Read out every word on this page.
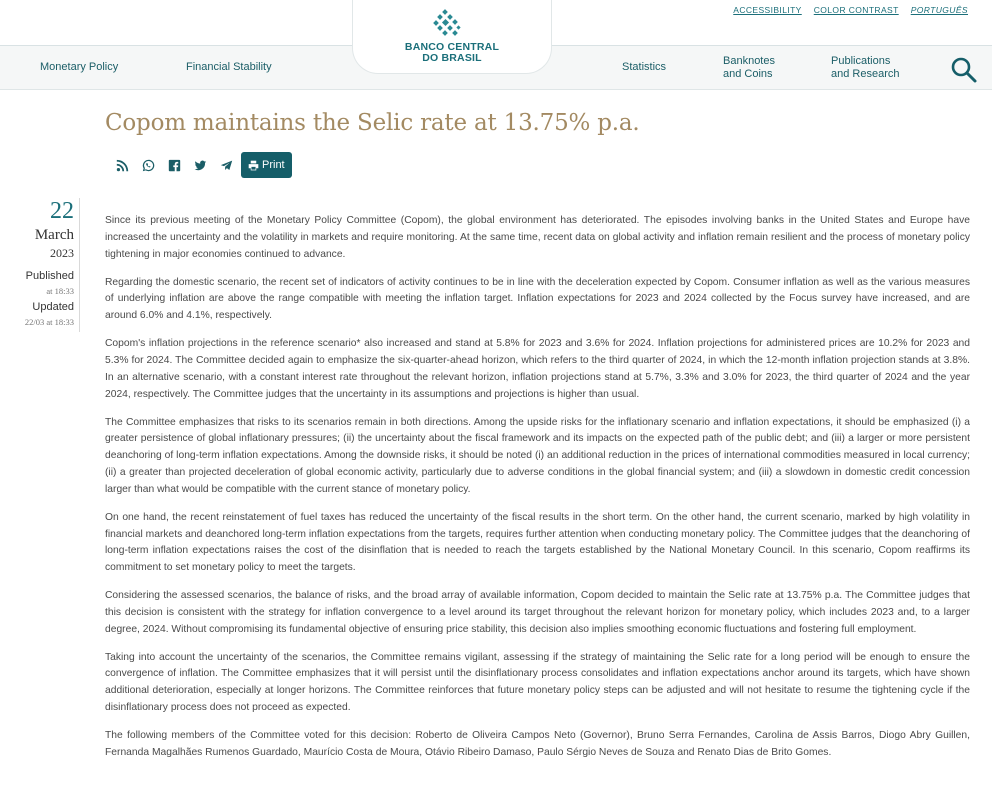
ACCESSIBILITY COLOR CONTRAST PORTUGUÊS
Monetary Policy	Financial Stability	Statistics	Banknotes
and Coins
Publications
and Research
BANCO CENTRAL
DO BRASIL
Copom maintains the Selic rate at 13.75% p.a.
Print
22
March
2023
Published
at 18:33
Updated
22/03 at 18:33

Since its previous meeting of the Monetary Policy Committee (Copom), the global environment has deteriorated. The episodes involving banks in the United States and Europe have increased the uncertainty and the volatility in markets and require monitoring. At the same time, recent data on global activity and inflation remain resilient and the process of monetary policy tightening in major economies continued to advance.

Regarding the domestic scenario, the recent set of indicators of activity continues to be in line with the deceleration expected by Copom. Consumer inflation as well as the various measures of underlying inflation are above the range compatible with meeting the inflation target. Inflation expectations for 2023 and 2024 collected by the Focus survey have increased, and are around 6.0% and 4.1%, respectively.

Copom's inflation projections in the reference scenario* also increased and stand at 5.8% for 2023 and 3.6% for 2024. Inflation projections for administered prices are 10.2% for 2023 and 5.3% for 2024. The Committee decided again to emphasize the six-quarter-ahead horizon, which refers to the third quarter of 2024, in which the 12-month inflation projection stands at 3.8%. In an alternative scenario, with a constant interest rate throughout the relevant horizon, inflation projections stand at 5.7%, 3.3% and 3.0% for 2023, the third quarter of 2024 and the year 2024, respectively. The Committee judges that the uncertainty in its assumptions and projections is higher than usual.

The Committee emphasizes that risks to its scenarios remain in both directions. Among the upside risks for the inflationary scenario and inflation expectations, it should be emphasized (i) a greater persistence of global inflationary pressures; (ii) the uncertainty about the fiscal framework and its impacts on the expected path of the public debt; and (iii) a larger or more persistent deanchoring of long-term inflation expectations. Among the downside risks, it should be noted (i) an additional reduction in the prices of international commodities measured in local currency; (ii) a greater than projected deceleration of global economic activity, particularly due to adverse conditions in the global financial system; and (iii) a slowdown in domestic credit concession larger than what would be compatible with the current stance of monetary policy.

On one hand, the recent reinstatement of fuel taxes has reduced the uncertainty of the fiscal results in the short term. On the other hand, the current scenario, marked by high volatility in financial markets and deanchored long-term inflation expectations from the targets, requires further attention when conducting monetary policy. The Committee judges that the deanchoring of long-term inflation expectations raises the cost of the disinflation that is needed to reach the targets established by the National Monetary Council. In this scenario, Copom reaffirms its commitment to set monetary policy to meet the targets.

Considering the assessed scenarios, the balance of risks, and the broad array of available information, Copom decided to maintain the Selic rate at 13.75% p.a. The Committee judges that this decision is consistent with the strategy for inflation convergence to a level around its target throughout the relevant horizon for monetary policy, which includes 2023 and, to a larger degree, 2024. Without compromising its fundamental objective of ensuring price stability, this decision also implies smoothing economic fluctuations and fostering full employment.

Taking into account the uncertainty of the scenarios, the Committee remains vigilant, assessing if the strategy of maintaining the Selic rate for a long period will be enough to ensure the convergence of inflation. The Committee emphasizes that it will persist until the disinflationary process consolidates and inflation expectations anchor around its targets, which have shown additional deterioration, especially at longer horizons. The Committee reinforces that future monetary policy steps can be adjusted and will not hesitate to resume the tightening cycle if the disinflationary process does not proceed as expected.

The following members of the Committee voted for this decision: Roberto de Oliveira Campos Neto (Governor), Bruno Serra Fernandes, Carolina de Assis Barros, Diogo Abry Guillen, Fernanda Magalhães Rumenos Guardado, Maurício Costa de Moura, Otávio Ribeiro Damaso, Paulo Sérgio Neves de Souza and Renato Dias de Brito Gomes.
